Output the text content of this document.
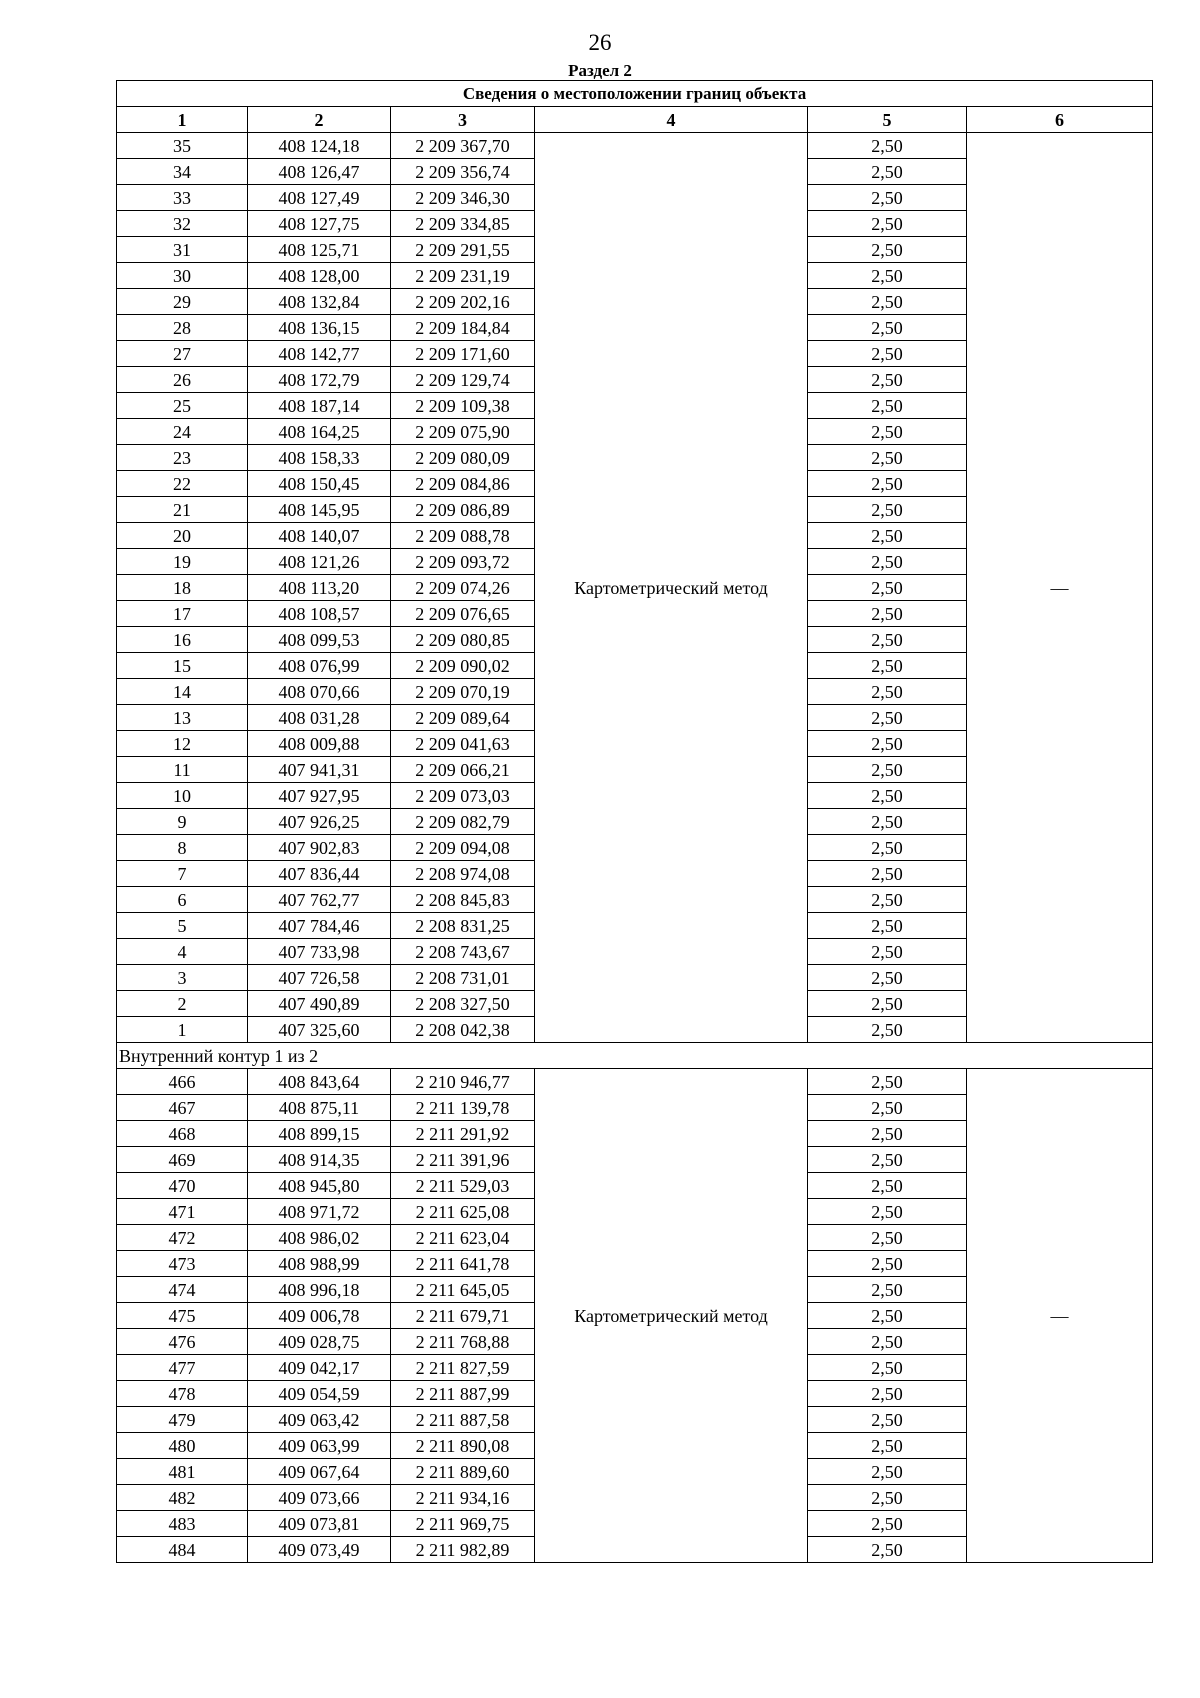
26
Раздел 2
Сведения о местоположении границ объекта					
1	2	3	4	5	6
35	408 124,18	2 209 367,70	Картометрический метод	2,50	—
34	408 126,47	2 209 356,74		2,50	
33	408 127,49	2 209 346,30		2,50	
32	408 127,75	2 209 334,85		2,50	
31	408 125,71	2 209 291,55		2,50	
30	408 128,00	2 209 231,19		2,50	
29	408 132,84	2 209 202,16		2,50	
28	408 136,15	2 209 184,84		2,50	
27	408 142,77	2 209 171,60		2,50	
26	408 172,79	2 209 129,74		2,50	
25	408 187,14	2 209 109,38		2,50	
24	408 164,25	2 209 075,90		2,50	
23	408 158,33	2 209 080,09		2,50	
22	408 150,45	2 209 084,86		2,50	
21	408 145,95	2 209 086,89		2,50	
20	408 140,07	2 209 088,78		2,50	
19	408 121,26	2 209 093,72		2,50	
18	408 113,20	2 209 074,26		2,50	
17	408 108,57	2 209 076,65		2,50	
16	408 099,53	2 209 080,85		2,50	
15	408 076,99	2 209 090,02		2,50	
14	408 070,66	2 209 070,19		2,50	
13	408 031,28	2 209 089,64		2,50	
12	408 009,88	2 209 041,63		2,50	
11	407 941,31	2 209 066,21		2,50	
10	407 927,95	2 209 073,03		2,50	
9	407 926,25	2 209 082,79		2,50	
8	407 902,83	2 209 094,08		2,50	
7	407 836,44	2 208 974,08		2,50	
6	407 762,77	2 208 845,83		2,50	
5	407 784,46	2 208 831,25		2,50	
4	407 733,98	2 208 743,67		2,50	
3	407 726,58	2 208 731,01		2,50	
2	407 490,89	2 208 327,50		2,50	
1	407 325,60	2 208 042,38		2,50	
Внутренний контур 1 из 2					
466	408 843,64	2 210 946,77	Картометрический метод	2,50	—
467	408 875,11	2 211 139,78		2,50	
468	408 899,15	2 211 291,92		2,50	
469	408 914,35	2 211 391,96		2,50	
470	408 945,80	2 211 529,03		2,50	
471	408 971,72	2 211 625,08		2,50	
472	408 986,02	2 211 623,04		2,50	
473	408 988,99	2 211 641,78		2,50	
474	408 996,18	2 211 645,05		2,50	
475	409 006,78	2 211 679,71		2,50	
476	409 028,75	2 211 768,88		2,50	
477	409 042,17	2 211 827,59		2,50	
478	409 054,59	2 211 887,99		2,50	
479	409 063,42	2 211 887,58		2,50	
480	409 063,99	2 211 890,08		2,50	
481	409 067,64	2 211 889,60		2,50	
482	409 073,66	2 211 934,16		2,50	
483	409 073,81	2 211 969,75		2,50	
484	409 073,49	2 211 982,89		2,50	
